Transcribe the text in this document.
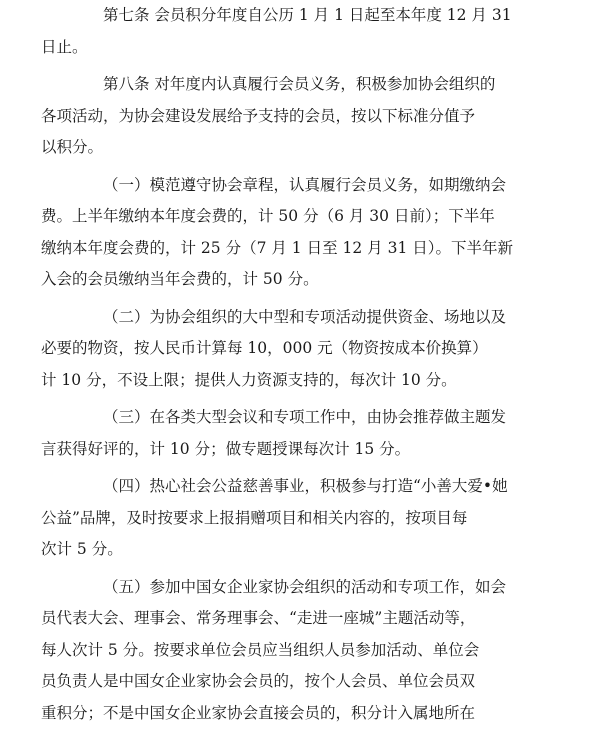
第七条 会员积分年度自公历 1 月 1 日起至本年度 12 月 31
日止。

第八条 对年度内认真履行会员义务，积极参加协会组织的
各项活动，为协会建设发展给予支持的会员，按以下标准分值予
以积分。

（一）模范遵守协会章程，认真履行会员义务，如期缴纳会
费。上半年缴纳本年度会费的，计 50 分（6 月 30 日前）；下半年
缴纳本年度会费的，计 25 分（7 月 1 日至 12 月 31 日）。下半年新
入会的会员缴纳当年会费的，计 50 分。

（二）为协会组织的大中型和专项活动提供资金、场地以及
必要的物资，按人民币计算每 10，000 元（物资按成本价换算）
计 10 分，不设上限；提供人力资源支持的，每次计 10 分。

（三）在各类大型会议和专项工作中，由协会推荐做主题发
言获得好评的，计 10 分；做专题授课每次计 15 分。

（四）热心社会公益慈善事业，积极参与打造“小善大爱•她
公益”品牌，及时按要求上报捐赠项目和相关内容的，按项目每
次计 5 分。

（五）参加中国女企业家协会组织的活动和专项工作，如会
员代表大会、理事会、常务理事会、“走进一座城”主题活动等，
每人次计 5 分。按要求单位会员应当组织人员参加活动、单位会
员负责人是中国女企业家协会会员的，按个人会员、单位会员双
重积分；不是中国女企业家协会直接会员的，积分计入属地所在
